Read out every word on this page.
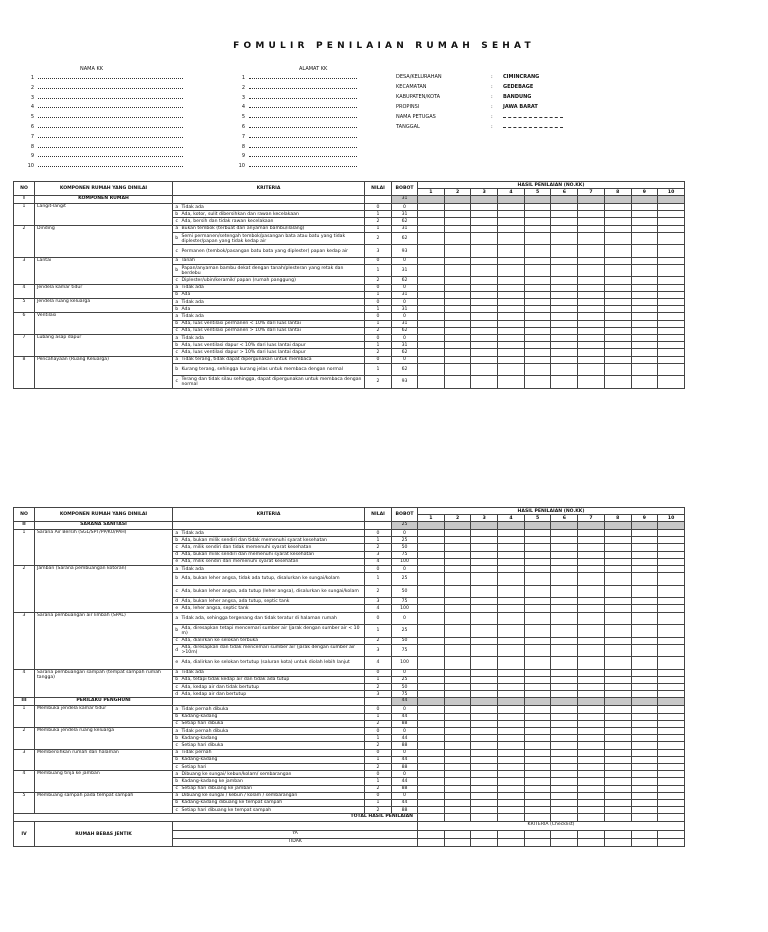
FOMULIR PENILAIAN RUMAH SEHAT
NAMA KK	ALAMAT KK
1
2
3
4
5
6
7
8
9
10
1
2
3
4
5
6
7
8
9
10
DESA/KELURAHAN	: CIMINCRANG
KECAMATAN	: GEDEBAGE
KABUPATEN/KOTA	: BANDUNG
PROPINSI	: JAWA BARAT
NAMA PETUGAS	:
TANGGAL	:
NO	KOMPONEN RUMAH YANG DINILAI	KRITERIA		NILAI	BOBOT	HASIL PENILAIAN (NO.KK)									
						1	2	3	4	5	6	7	8	9	10
I	KOMPONEN RUMAH				31										
1	Langit-langit	a	Tidak ada	0	0										
		b	Ada, kotor, sulit dibersihkan dan rawan kecelakaan	1	31										
		c	Ada, bersih dan tidak rawan kecelakaan	2	62										
2	Dinding	a	Bukan tembok (terbuat dari anyaman bambu/ilalang)	1	31										
		b	Semi permanen/setengah tembok/pasangan bata atau batu yang tidak diplester/papan yang tidak kedap air	2	62										
		c	Permanen (tembok/pasangan batu bata yang diplester) papan kedap air	3	93										
3	Lantai	a	Tanah	0	0										
		b	Papan/anyaman bambu dekat dengan tanah/plesteran yang retak dan berdebu	1	31										
		c	Diplester/ubin/keramik/ papan (rumah panggung)	2	62										
4	Jendela kamar tidur	a	Tidak ada	0	0										
		b	Ada	1	31										
5	Jendela ruang keluarga	a	Tidak ada	0	0										
		b	Ada	1	31										
6	Ventilasi	a	Tidak ada	0	0										
		b	Ada, luas ventilasi permanen < 10% dari luas lantai	1	31										
		c	Ada, luas ventilasi permanen > 10% dari luas lantai	2	62										
7	Lubang asap dapur	a	Tidak ada	0	0										
		b	Ada, luas ventilasi dapur < 10% dari luas lantai dapur	1	31										
		c	Ada, luas ventilasi dapur > 10% dari luas lantai dapur	2	62										
8	Pencahayaan (Ruang Keluarga)	a	Tidak terang, tidak dapat dipergunakan untuk membaca	0	0										
		b	Kurang terang, sehingga kurang jelas untuk membaca dengan normal	1	62										
		c	Terang dan tidak silau sehingga, dapat dipergunakan untuk membaca dengan normal	2	93										
NO	KOMPONEN RUMAH YANG DINILAI	KRITERIA		NILAI	BOBOT	HASIL PENILAIAN (NO.KK)									
						1	2	3	4	5	6	7	8	9	10
II	SARANA SANITASI				25										
1	Sarana Air Bersih (SGL/SPT/PP/KU/PAH)	a	Tidak ada	0	0										
		b	Ada, bukan milik sendiri dan tidak memenuhi syarat kesehatan	1	25										
		c	Ada, milik sendiri dan tidak memenuhi syarat kesehatan	2	50										
		d	Ada, bukan milik sendiri dan memenuhi syarat kesehatan	3	75										
		e	Ada, milik sendiri dan memenuhi syarat kesehatan	4	100										
2	Jamban (Sarana pembuangan kotoran)	a	Tidak ada	0	0										
		b	Ada, bukan leher angsa, tidak ada tutup, disalurkan ke sungai/kolam	1	25										
		c	Ada, bukan leher angsa, ada tutup (leher angsa), disalurkan ke sungai/kolam	2	50										
		d	Ada, bukan leher angsa, ada tutup, septic tank	3	75										
		e	Ada, leher angsa, septic tank	4	100										
3	Sarana pembuangan air limbah (SPAL)	a	Tidak ada, sehingga tergenang dan tidak teratur di halaman rumah	0	0										
		b	Ada, diresapkan tetapi mencemari sumber air (jarak dengan sumber air < 10 m)	1	25										
		c	Ada, dialirkan ke selokan terbuka	2	50										
		d	Ada, diresapkan dan tidak mencemari sumber air (jarak dengan sumber air >10m)	3	75										
		e	Ada, dialirkan ke selokan tertutup (saluran kota) untuk diolah lebih lanjut	4	100										
4	Sarana pembuangan sampah (tempat sampah rumah tangga)	a	Tidak ada	0	0										
		b	Ada, tetapi tidak kedap air dan tidak ada tutup	1	25										
		c	Ada, kedap air dan tidak bertutup	2	50										
		d	Ada, kedap air dan bertutup	3	75										
III	PERILAKU PENGHUNI				44										
1	Membuka jendela kamar tidur	a	Tidak pernah dibuka	0	0										
		b	Kadang-kadang	1	44										
		c	Setiap hari dibuka	2	88										
2	Membuka jendela ruang keluarga	a	Tidak pernah dibuka	0	0										
		b	Kadang-kadang	1	44										
		c	Setiap hari dibuka	2	88										
3	Membersihkan rumah dan halaman	a	Tidak pernah	0	0										
		b	Kadang-kadang	1	44										
		c	Setiap hari	2	88										
4	Membuang tinja ke jamban	a	Dibuang ke sungai/ kebun/kolam/ sembarangan	0	0										
		b	Kadang-kadang ke jamban	1	44										
		c	Setiap hari dibuang ke jamban	2	88										
5	Membuang sampah pada tempat sampah	a	Dibuang ke sungai / kebun / kolam / sembarangan	0	0										
		b	Kadang-kadang dibuang ke tempat sampah	1	44										
		c	Setiap hari dibuang ke tempat sampah	2	88										
TOTAL HASIL PENILAIAN															
IV	RUMAH BEBAS JENTIK					KRITERIA (Checklist)									
		YA													
		TIDAK													
